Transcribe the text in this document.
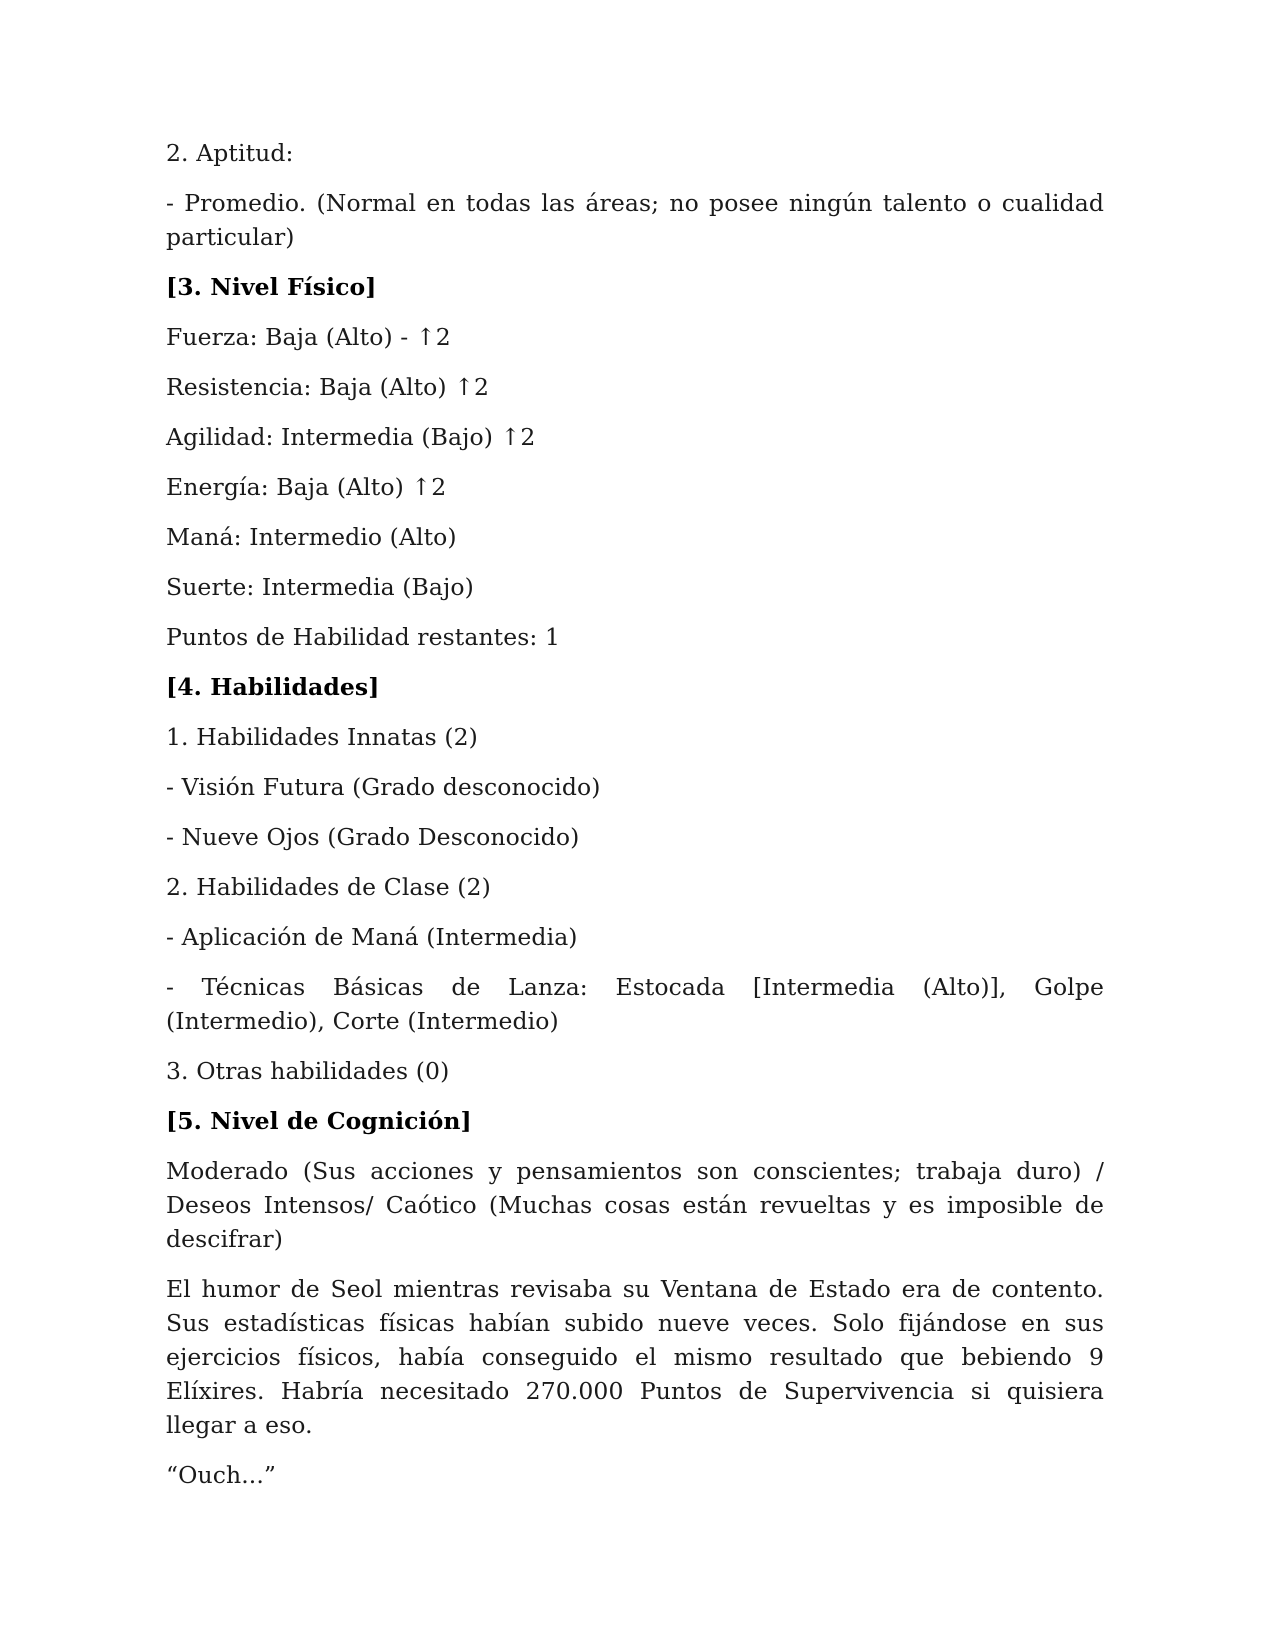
2. Aptitud:

- Promedio. (Normal en todas las áreas; no posee ningún talento o cualidad particular)

[3. Nivel Físico]

Fuerza: Baja (Alto) - ↑2

Resistencia: Baja (Alto) ↑2

Agilidad: Intermedia (Bajo) ↑2

Energía: Baja (Alto) ↑2

Maná: Intermedio (Alto)

Suerte: Intermedia (Bajo)

Puntos de Habilidad restantes: 1

[4. Habilidades]

1. Habilidades Innatas (2)

- Visión Futura (Grado desconocido)

- Nueve Ojos (Grado Desconocido)

2. Habilidades de Clase (2)

- Aplicación de Maná (Intermedia)

- Técnicas Básicas de Lanza: Estocada [Intermedia (Alto)], Golpe (Intermedio), Corte (Intermedio)

3. Otras habilidades (0)

[5. Nivel de Cognición]

Moderado (Sus acciones y pensamientos son conscientes; trabaja duro) / Deseos Intensos/ Caótico (Muchas cosas están revueltas y es imposible de descifrar)

El humor de Seol mientras revisaba su Ventana de Estado era de contento. Sus estadísticas físicas habían subido nueve veces. Solo fijándose en sus ejercicios físicos, había conseguido el mismo resultado que bebiendo 9 Elíxires. Habría necesitado 270.000 Puntos de Supervivencia si quisiera llegar a eso.

“Ouch...”
